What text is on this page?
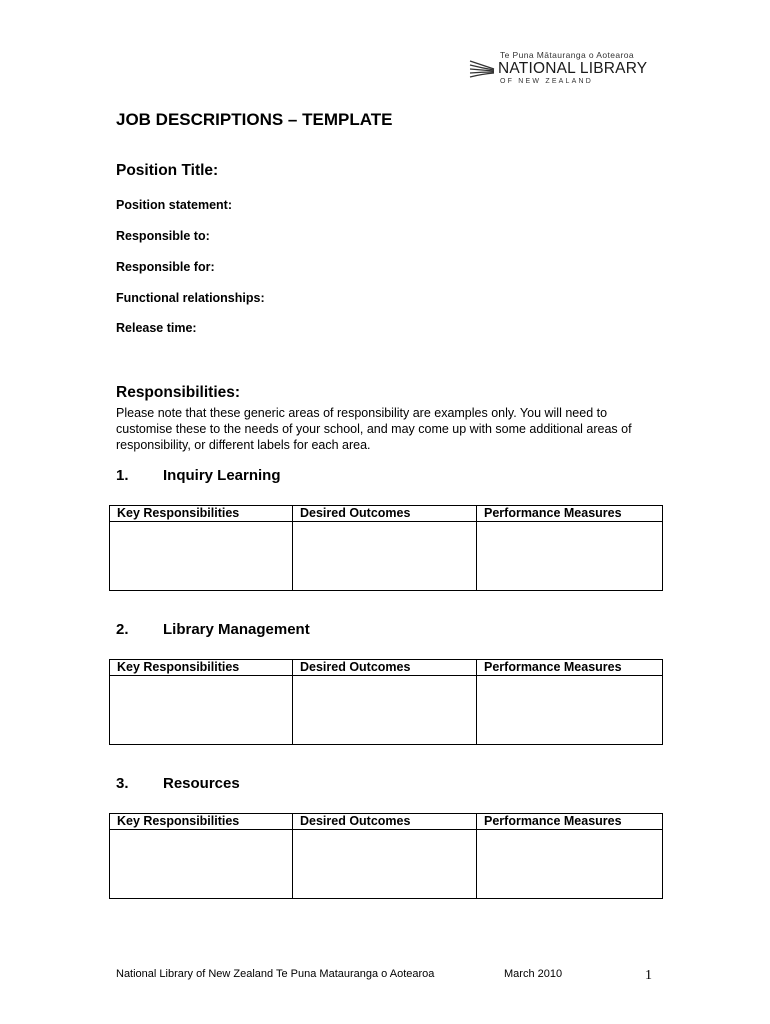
Te Puna Mātauranga o Aotearoa
NATIONAL LIBRARY
OF NEW ZEALAND
JOB DESCRIPTIONS – TEMPLATE
Position Title:
Position statement:
Responsible to:
Responsible for:
Functional relationships:
Release time:
Responsibilities:
Please note that these generic areas of responsibility are examples only. You will need to customise these to the needs of your school, and may come up with some additional areas of responsibility, or different labels for each area.
1. Inquiry Learning
Key Responsibilities	Desired Outcomes	Performance Measures

2. Library Management
Key Responsibilities	Desired Outcomes	Performance Measures

3. Resources
Key Responsibilities	Desired Outcomes	Performance Measures

National Library of New Zealand Te Puna Matauranga o Aotearoa	March 2010	1
